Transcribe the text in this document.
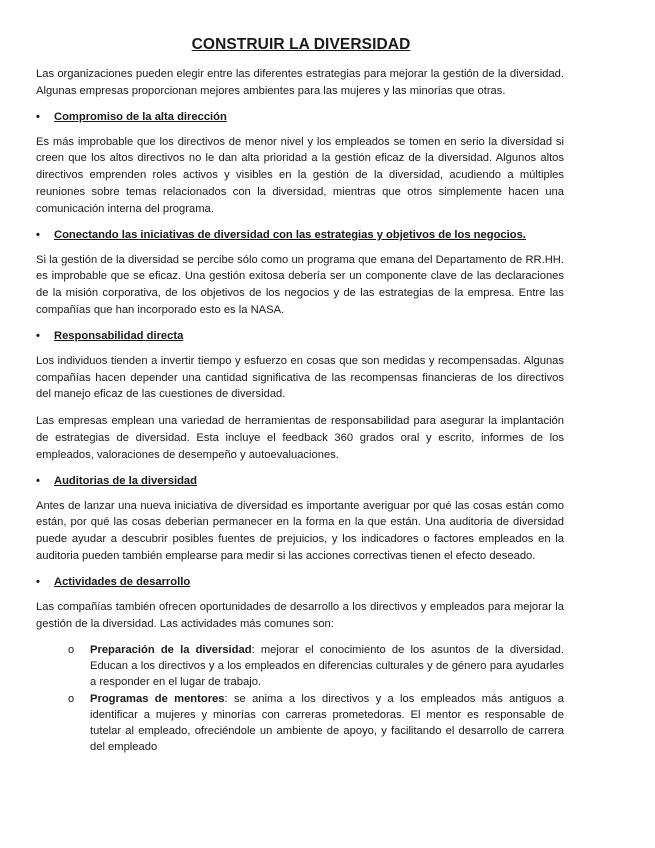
CONSTRUIR LA DIVERSIDAD

Las organizaciones pueden elegir entre las diferentes estrategias para mejorar la gestión de la diversidad. Algunas empresas proporcionan mejores ambientes para las mujeres y las minorías que otras.

• Compromiso de la alta dirección

Es más improbable que los directivos de menor nivel y los empleados se tomen en serio la diversidad si creen que los altos directivos no le dan alta prioridad a la gestión eficaz de la diversidad. Algunos altos directivos emprenden roles activos y visibles en la gestión de la diversidad, acudiendo a múltiples reuniones sobre temas relacionados con la diversidad, mientras que otros simplemente hacen una comunicación interna del programa.

• Conectando las iniciativas de diversidad con las estrategias y objetivos de los negocios.

Si la gestión de la diversidad se percibe sólo como un programa que emana del Departamento de RR.HH. es improbable que se eficaz. Una gestión exitosa debería ser un componente clave de las declaraciones de la misión corporativa, de los objetivos de los negocios y de las estrategias de la empresa. Entre las compañías que han incorporado esto es la NASA.

• Responsabilidad directa

Los individuos tienden a invertir tiempo y esfuerzo en cosas que son medidas y recompensadas. Algunas compañías hacen depender una cantidad significativa de las recompensas financieras de los directivos del manejo eficaz de las cuestiones de diversidad.

Las empresas emplean una variedad de herramientas de responsabilidad para asegurar la implantación de estrategias de diversidad. Esta incluye el feedback 360 grados oral y escrito, informes de los empleados, valoraciones de desempeño y autoevaluaciones.

• Auditorias de la diversidad

Antes de lanzar una nueva iniciativa de diversidad es importante averiguar por qué las cosas están como están, por qué las cosas deberian permanecer en la forma en la que están. Una auditoria de diversidad puede ayudar a descubrir posibles fuentes de prejuicios, y los indicadores o factores empleados en la auditoria pueden también emplearse para medir si las acciones correctivas tienen el efecto deseado.

• Actividades de desarrollo

Las compañías también ofrecen oportunidades de desarrollo a los directivos y empleados para mejorar la gestión de la diversidad. Las actividades más comunes son:

o Preparación de la diversidad: mejorar el conocimiento de los asuntos de la diversidad. Educan a los directivos y a los empleados en diferencias culturales y de género para ayudarles a responder en el lugar de trabajo.
o Programas de mentores: se anima a los directivos y a los empleados más antiguos a identificar a mujeres y minorías con carreras prometedoras. El mentor es responsable de tutelar al empleado, ofreciéndole un ambiente de apoyo, y facilitando el desarrollo de carrera del empleado
